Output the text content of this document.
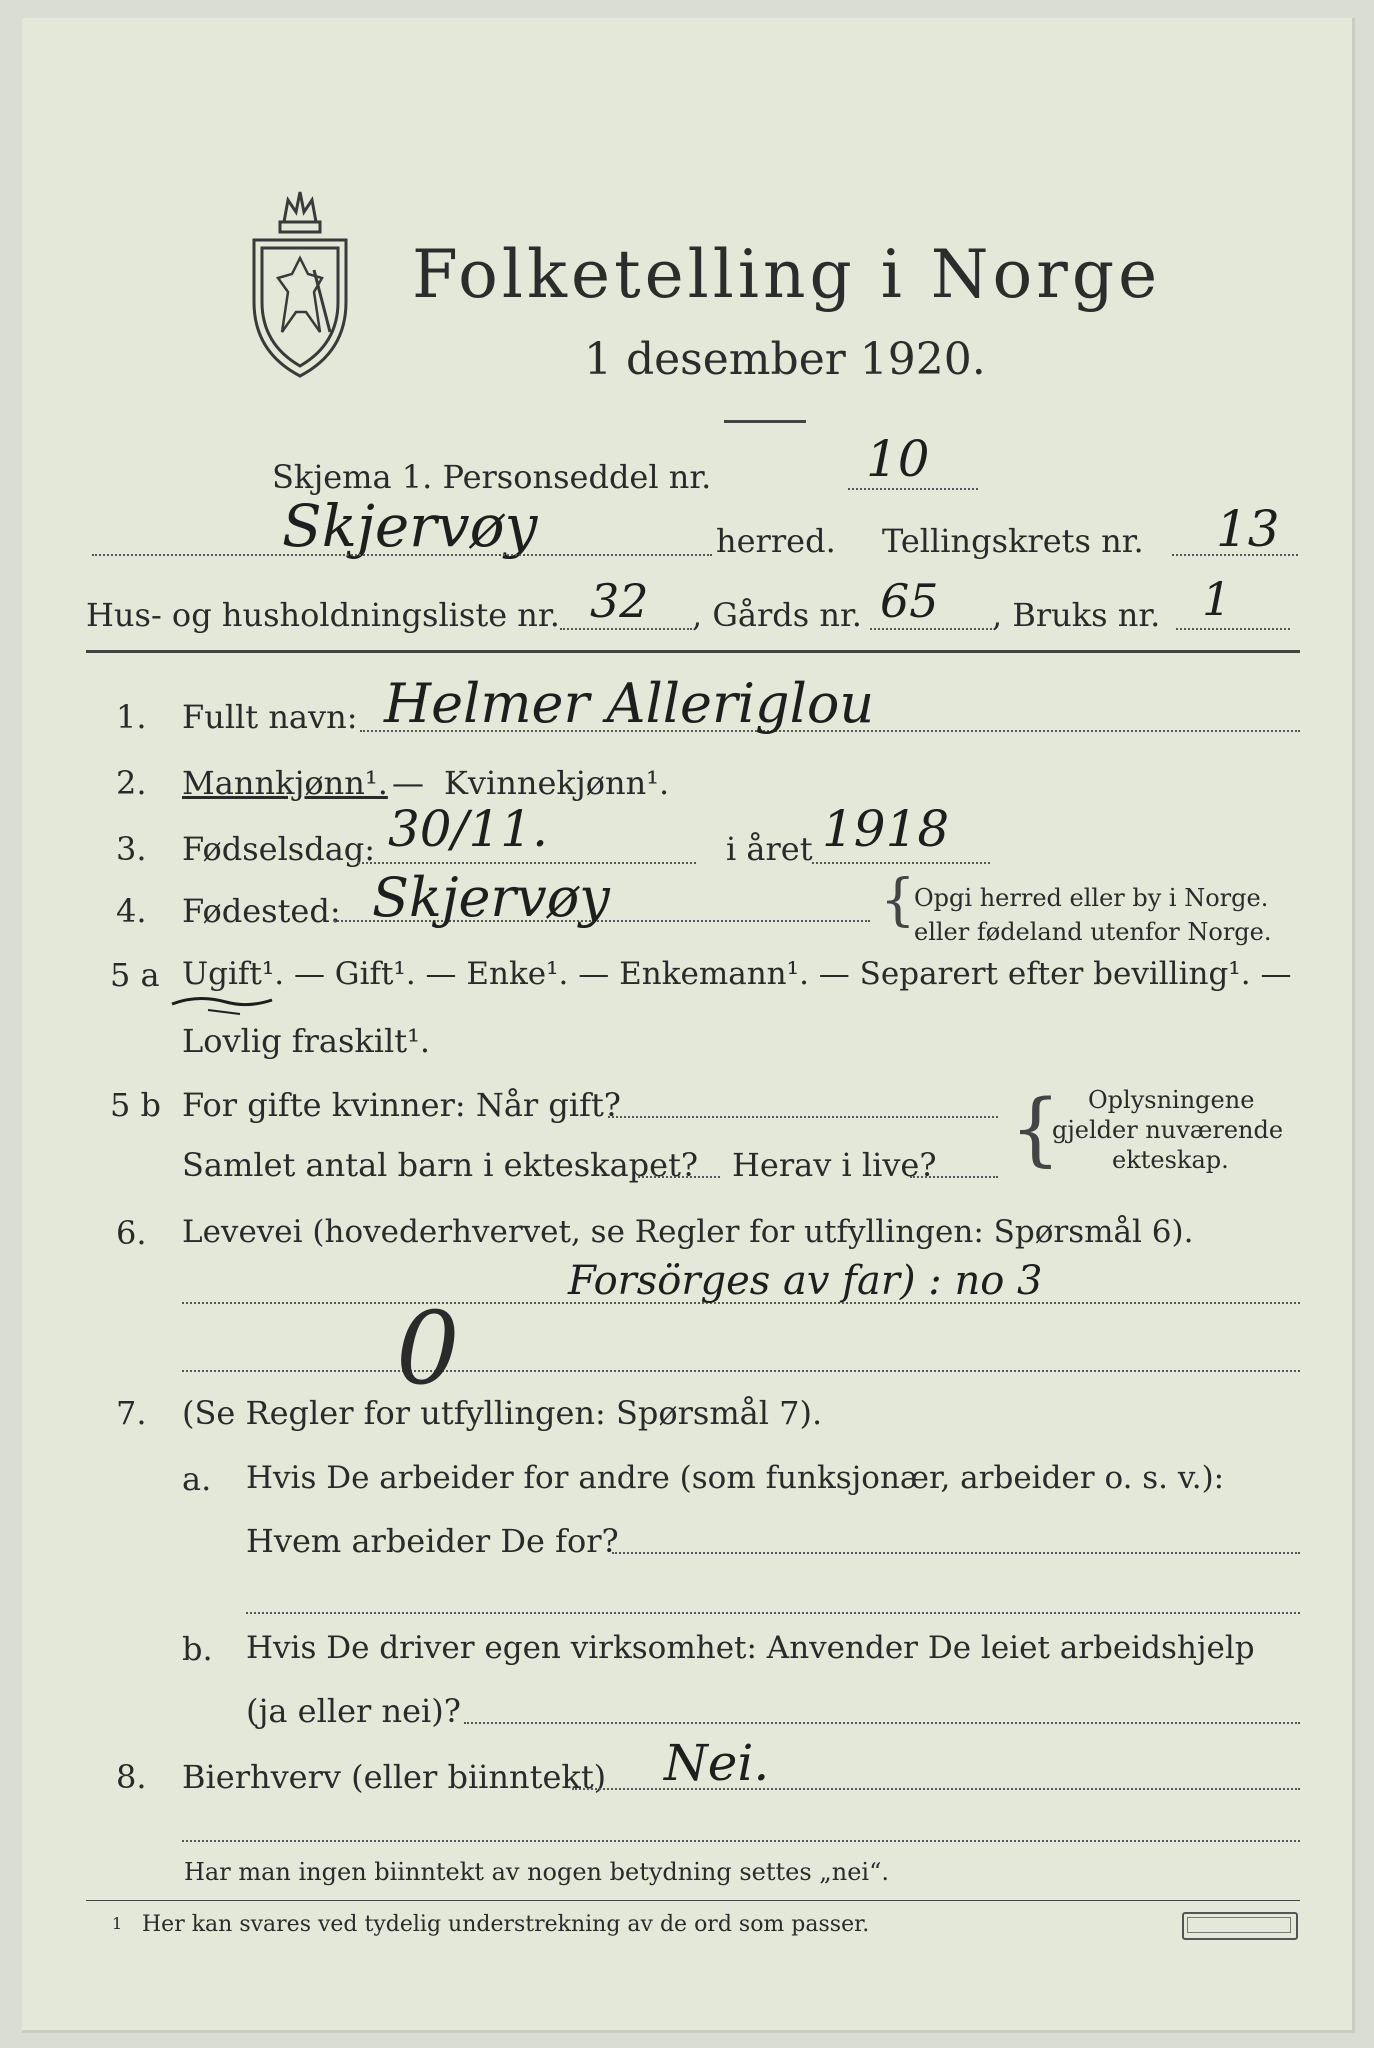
Folketelling i Norge
1 desember 1920.
Skjema 1. Personseddel nr.	10
Skjervøy	herred. Tellingskrets nr. 13
Hus- og husholdningsliste nr. 32 , Gårds nr. 65 , Bruks nr. 1
1. Fullt navn: Helmer Alleriglou
2. Mannkjønn¹. — Kvinnekjønn¹.
3. Fødselsdag: 30/11.	i året 1918
4. Fødested: Skjervøy	{
Opgi herred eller by i Norge.
eller fødeland utenfor Norge.
5 a Ugift¹. — Gift¹. — Enke¹. — Enkemann¹. — Separert efter bevilling¹. —
Lovlig fraskilt¹.
5 b For gifte kvinner: Når gift?
Samlet antal barn i ekteskapet? Herav i live? { Oplysningene
gjelder nuværende
ekteskap.
6. Levevei (hovederhvervet, se Regler for utfyllingen: Spørsmål 6).
Forsörges av far) : no 3
0
7. (Se Regler for utfyllingen: Spørsmål 7).
a. Hvis De arbeider for andre (som funksjonær, arbeider o. s. v.):
Hvem arbeider De for?
b. Hvis De driver egen virksomhet: Anvender De leiet arbeidshjelp
(ja eller nei)?
8. Bierhverv (eller biinntekt) Nei.
Har man ingen biinntekt av nogen betydning settes „nei“.
1 Her kan svares ved tydelig understrekning av de ord som passer.
